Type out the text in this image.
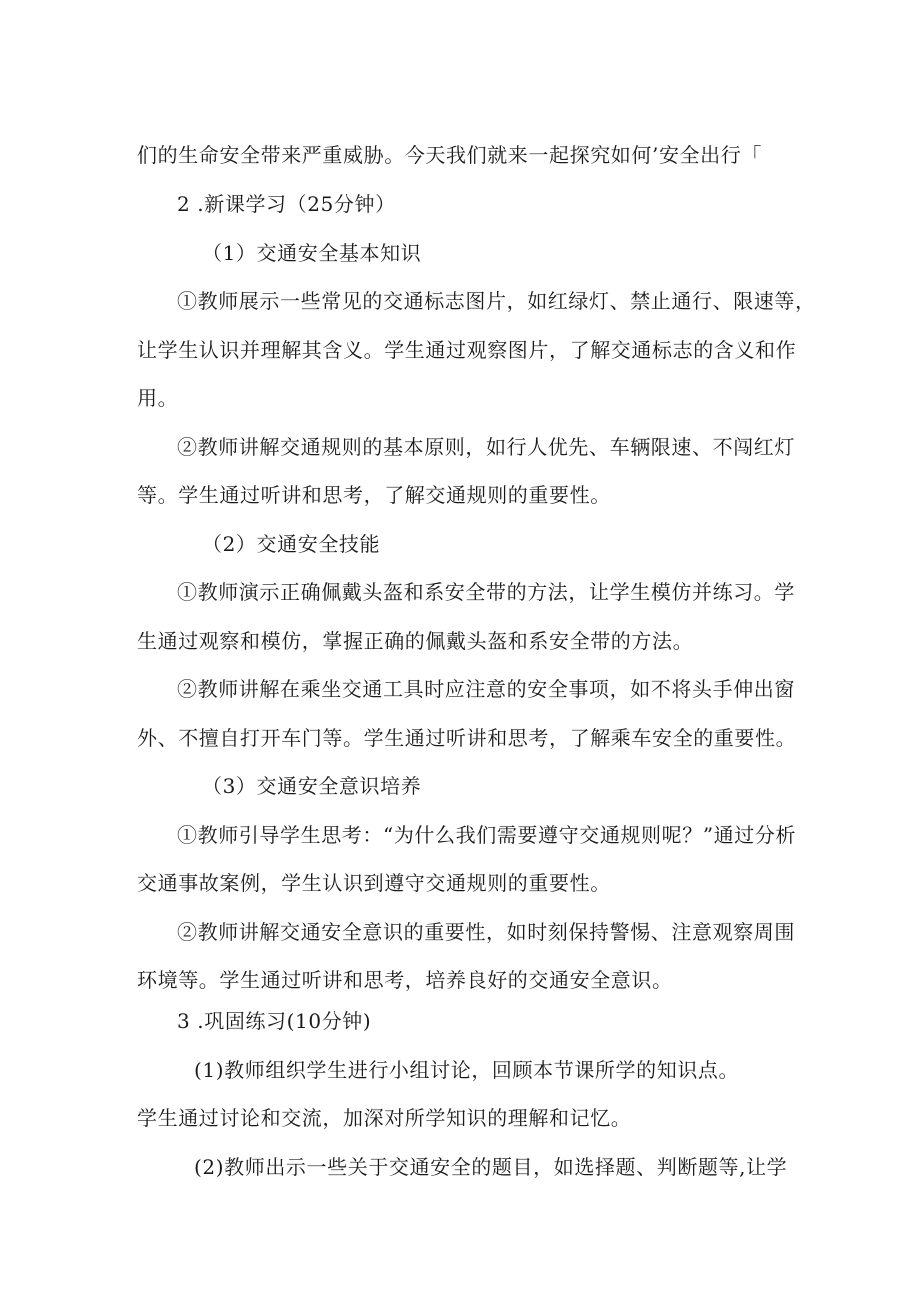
们的生命安全带来严重威胁。今天我们就来一起探究如何’安全出行「
2 .新课学习（25分钟）
（1）交通安全基本知识
①教师展示一些常见的交通标志图片，如红绿灯、禁止通行、限速等，
让学生认识并理解其含义。学生通过观察图片，了解交通标志的含义和作
用。
②教师讲解交通规则的基本原则，如行人优先、车辆限速、不闯红灯
等。学生通过听讲和思考，了解交通规则的重要性。
（2）交通安全技能
①教师演示正确佩戴头盔和系安全带的方法，让学生模仿并练习。学
生通过观察和模仿，掌握正确的佩戴头盔和系安全带的方法。
②教师讲解在乘坐交通工具时应注意的安全事项，如不将头手伸出窗
外、不擅自打开车门等。学生通过听讲和思考，了解乘车安全的重要性。
（3）交通安全意识培养
①教师引导学生思考：“为什么我们需要遵守交通规则呢？”通过分析
交通事故案例，学生认识到遵守交通规则的重要性。
②教师讲解交通安全意识的重要性，如时刻保持警惕、注意观察周围
环境等。学生通过听讲和思考，培养良好的交通安全意识。
3 .巩固练习(10分钟)
(1)教师组织学生进行小组讨论，回顾本节课所学的知识点。
学生通过讨论和交流，加深对所学知识的理解和记忆。
(2)教师出示一些关于交通安全的题目，如选择题、判断题等,让学
